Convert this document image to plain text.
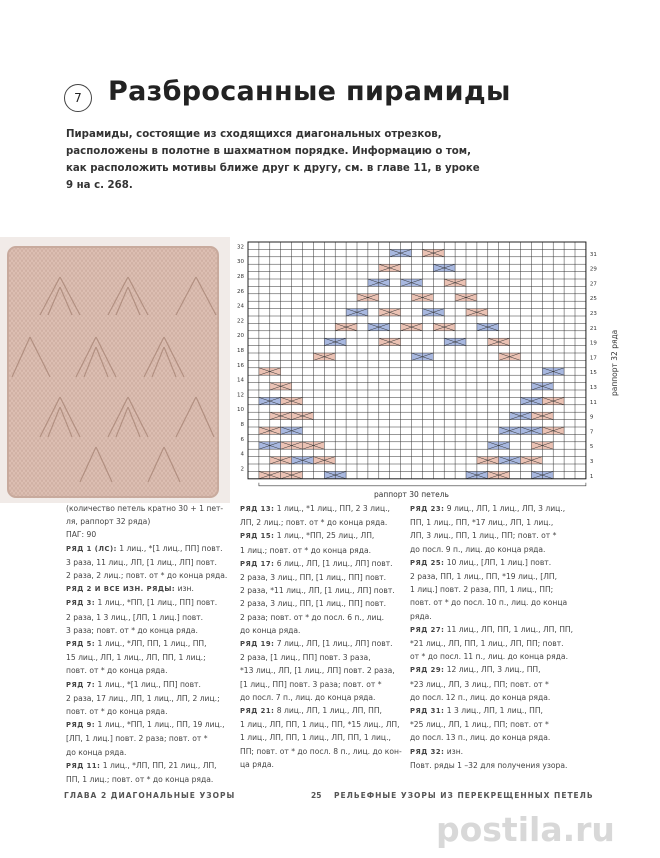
7 Разбросанные пирамиды
Пирамиды, состоящие из сходящихся диагональных отрезков, расположены в полотне в шахматном порядке. Информацию о том, как расположить мотивы ближе друг к другу, см. в главе 11, в уроке 9 на с. 268.
32
30
28
26
24
22
20
18
16
14
12
10
8
6
4
2
31
29
27
25
23
21
19
17
15
13
11
9
7
5
3
1
раппорт 32 ряда
раппорт 30 петель

(количество петель кратно 30 + 1 пет-

ля, раппорт 32 ряда)

ПАГ: 90

РЯД 1 (ЛС): 1 лиц., *[1 лиц., ПП] повт.

3 раза, 11 лиц., ЛП, [1 лиц., ЛП] повт.

2 раза, 2 лиц.; повт. от * до конца ряда.

РЯД 2 И ВСЕ ИЗН. РЯДЫ: изн.

РЯД 3: 1 лиц., *ПП, [1 лиц., ПП] повт.

2 раза, 1 3 лиц., [ЛП, 1 лиц.] повт.

3 раза; повт. от * до конца ряда.

РЯД 5: 1 лиц., *ЛП, ПП, 1 лиц., ПП,

15 лиц., ЛП, 1 лиц., ЛП, ПП, 1 лиц.;

повт. от * до конца ряда.

РЯД 7: 1 лиц., *[1 лиц., ПП] повт.

2 раза, 17 лиц., ЛП, 1 лиц., ЛП, 2 лиц.;

повт. от * до конца ряда.

РЯД 9: 1 лиц., *ПП, 1 лиц., ПП, 19 лиц.,

[ЛП, 1 лиц.] повт. 2 раза; повт. от *

до конца ряда.

РЯД 11: 1 лиц., *ЛП, ПП, 21 лиц., ЛП,

ПП, 1 лиц.; повт. от * до конца ряда.

РЯД 13: 1 лиц., *1 лиц., ПП, 2 3 лиц.,

ЛП, 2 лиц.; повт. от * до конца ряда.

РЯД 15: 1 лиц., *ПП, 25 лиц., ЛП,

1 лиц.; повт. от * до конца ряда.

РЯД 17: 6 лиц., ЛП, [1 лиц., ЛП] повт.

2 раза, 3 лиц., ПП, [1 лиц., ПП] повт.

2 раза, *11 лиц., ЛП, [1 лиц., ЛП] повт.

2 раза, 3 лиц., ПП, [1 лиц., ПП] повт.

2 раза; повт. от * до посл. 6 п., лиц.

до конца ряда.

РЯД 19: 7 лиц., ЛП, [1 лиц., ЛП] повт.

2 раза, [1 лиц., ПП] повт. 3 раза,

*13 лиц., ЛП, [1 лиц., ЛП] повт. 2 раза,

[1 лиц., ПП] повт. 3 раза; повт. от *

до посл. 7 п., лиц. до конца ряда.

РЯД 21: 8 лиц., ЛП, 1 лиц., ЛП, ПП,

1 лиц., ЛП, ПП, 1 лиц., ПП, *15 лиц., ЛП,

1 лиц., ЛП, ПП, 1 лиц., ЛП, ПП, 1 лиц.,

ПП; повт. от * до посл. 8 п., лиц. до кон-

ца ряда.

РЯД 23: 9 лиц., ЛП, 1 лиц., ЛП, 3 лиц.,

ПП, 1 лиц., ПП, *17 лиц., ЛП, 1 лиц.,

ЛП, 3 лиц., ПП, 1 лиц., ПП; повт. от *

до посл. 9 п., лиц. до конца ряда.

РЯД 25: 10 лиц., [ЛП, 1 лиц.] повт.

2 раза, ПП, 1 лиц., ПП, *19 лиц., [ЛП,

1 лиц.] повт. 2 раза, ПП, 1 лиц., ПП;

повт. от * до посл. 10 п., лиц. до конца

ряда.

РЯД 27: 11 лиц., ЛП, ПП, 1 лиц., ЛП, ПП,

*21 лиц., ЛП, ПП, 1 лиц., ЛП, ПП; повт.

от * до посл. 11 п., лиц. до конца ряда.

РЯД 29: 12 лиц., ЛП, 3 лиц., ПП,

*23 лиц., ЛП, 3 лиц., ПП; повт. от *

до посл. 12 п., лиц. до конца ряда.

РЯД 31: 1 3 лиц., ЛП, 1 лиц., ПП,

*25 лиц., ЛП, 1 лиц., ПП; повт. от *

до посл. 13 п., лиц. до конца ряда.

РЯД 32: изн.

Повт. ряды 1 –32 для получения узора.

ГЛАВА 2 ДИАГОНАЛЬНЫЕ УЗОРЫ	25 РЕЛЬЕФНЫЕ УЗОРЫ ИЗ ПЕРЕКРЕЩЕННЫХ ПЕТЕЛЬ
postila.ru
